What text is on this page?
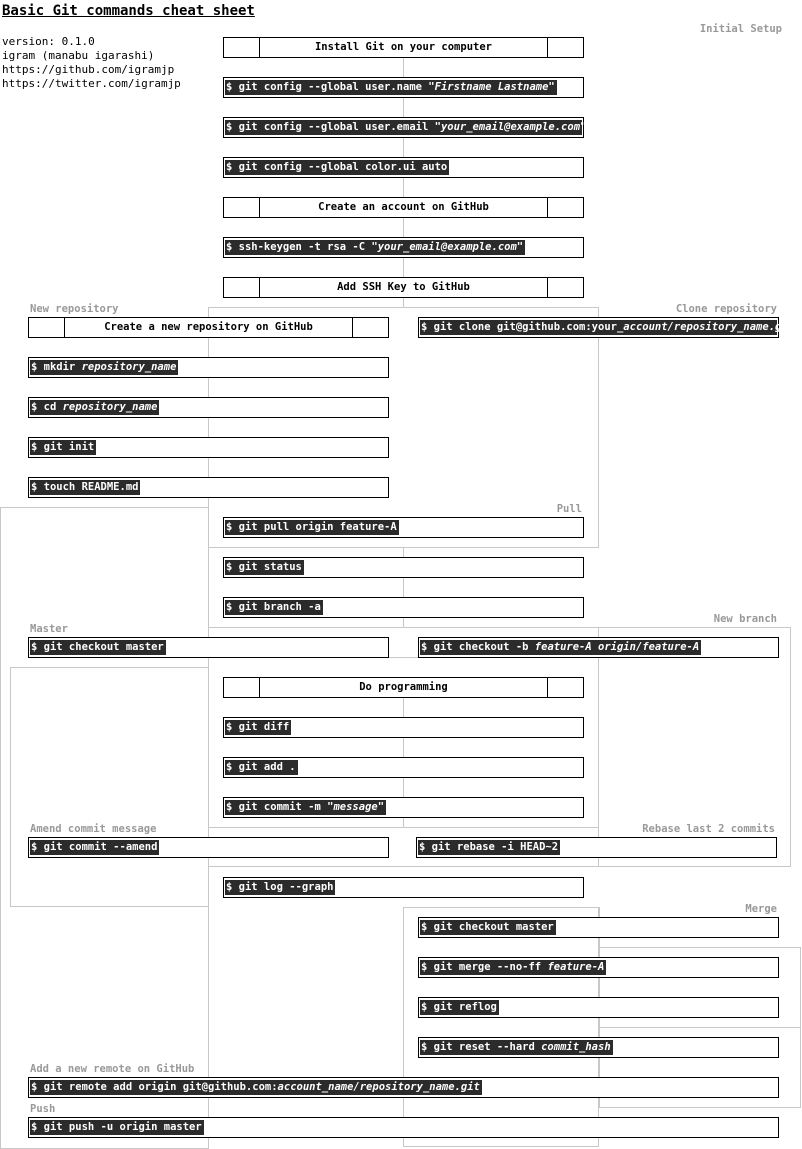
Basic Git commands cheat sheet
version: 0.1.0
igram (manabu igarashi)
https://github.com/igramjp
https://twitter.com/igramjp
Initial Setup
New repository	Clone repository
Pull
Master
New branch
Amend commit message	Rebase last 2 commits
Merge
Add a new remote on GitHub
Push
Install Git on your computer
Create an account on GitHub
Add SSH Key to GitHub
Create a new repository on GitHub
Do programming
$ git config --global user.name "Firstname Lastname"
$ git config --global user.email "your_email@example.com"
$ git config --global color.ui auto
$ ssh-keygen -t rsa -C "your_email@example.com"
$ mkdir repository_name
$ cd repository_name
$ git init
$ touch README.md
$ git clone git@github.com:your_account/repository_name.git
$ git pull origin feature-A
$ git status
$ git branch -a
$ git checkout master	$ git checkout -b feature-A origin/feature-A
$ git diff
$ git add .
$ git commit -m "message"
$ git commit --amend	$ git rebase -i HEAD~2
$ git log --graph
$ git checkout master
$ git merge --no-ff feature-A
$ git reflog
$ git reset --hard commit_hash
$ git remote add origin git@github.com:account_name/repository_name.git
$ git push -u origin master
